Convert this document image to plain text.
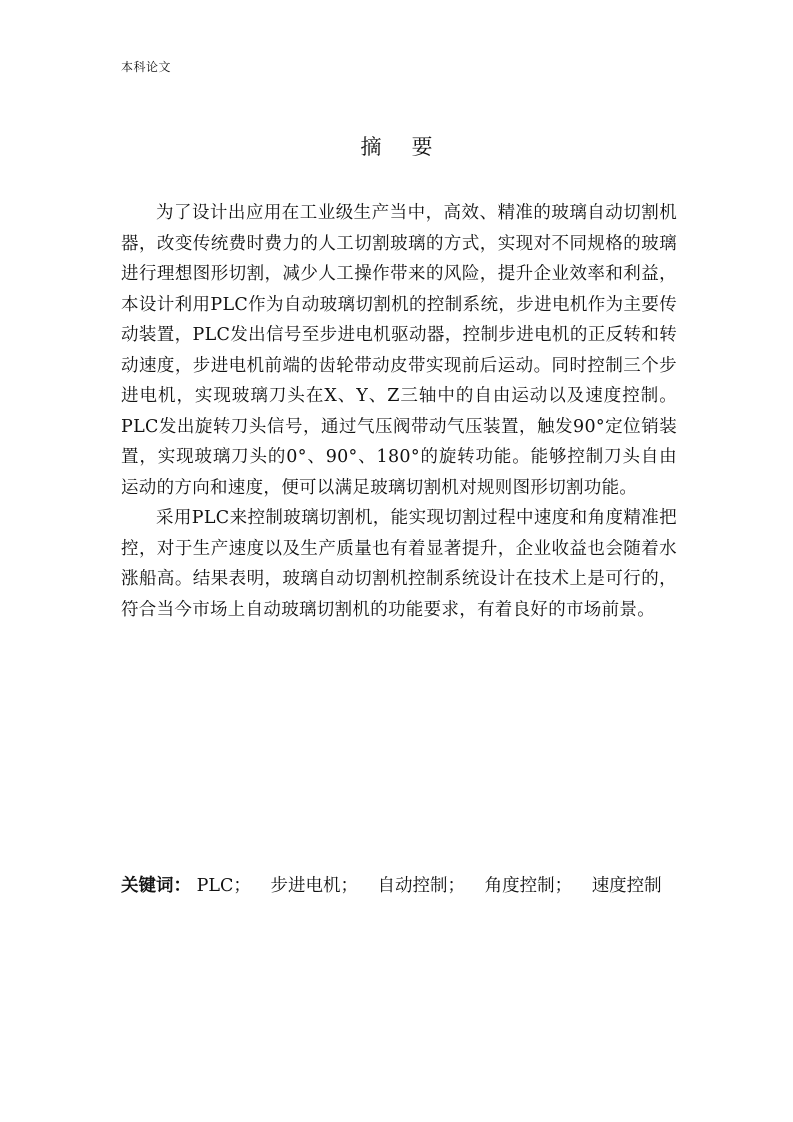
本科论文
摘要

为了设计出应用在工业级生产当中，高效、精准的玻璃自动切割机器，改变传统费时费力的人工切割玻璃的方式，实现对不同规格的玻璃进行理想图形切割，减少人工操作带来的风险，提升企业效率和利益，本设计利用PLC作为自动玻璃切割机的控制系统，步进电机作为主要传动装置，PLC发出信号至步进电机驱动器，控制步进电机的正反转和转动速度，步进电机前端的齿轮带动皮带实现前后运动。同时控制三个步进电机，实现玻璃刀头在X、Y、Z三轴中的自由运动以及速度控制。PLC发出旋转刀头信号，通过气压阀带动气压装置，触发90°定位销装置，实现玻璃刀头的0°、90°、180°的旋转功能。能够控制刀头自由运动的方向和速度，便可以满足玻璃切割机对规则图形切割功能。

采用PLC来控制玻璃切割机，能实现切割过程中速度和角度精准把控，对于生产速度以及生产质量也有着显著提升，企业收益也会随着水涨船高。结果表明，玻璃自动切割机控制系统设计在技术上是可行的，符合当今市场上自动玻璃切割机的功能要求，有着良好的市场前景。

关键词： PLC； 步进电机； 自动控制； 角度控制； 速度控制
